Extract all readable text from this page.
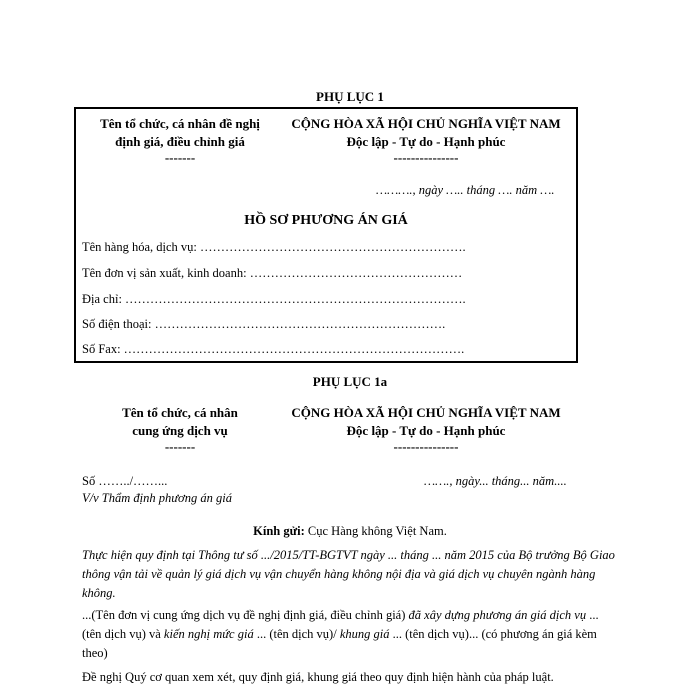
PHỤ LỤC 1
Tên tổ chức, cá nhân đề nghị
định giá, điều chỉnh giá
-------
CỘNG HÒA XÃ HỘI CHỦ NGHĨA VIỆT NAM
Độc lập - Tự do - Hạnh phúc
---------------
………., ngày ….. tháng …. năm ….
HỒ SƠ PHƯƠNG ÁN GIÁ
Tên hàng hóa, dịch vụ: ……………………………………………………….
Tên đơn vị sản xuất, kinh doanh: ……………………………………………
Địa chỉ: ……………………………………………………………………….
Số điện thoại: …………………………………………………………….
Số Fax: ……………………………………………………………………….
PHỤ LỤC 1a
Tên tổ chức, cá nhân
cung ứng dịch vụ
-------
CỘNG HÒA XÃ HỘI CHỦ NGHĨA VIỆT NAM
Độc lập - Tự do - Hạnh phúc
---------------
Số ……../……...	……., ngày... tháng... năm....
V/v Thẩm định phương án giá
Kính gửi: Cục Hàng không Việt Nam.
Thực hiện quy định tại Thông tư số .../2015/TT-BGTVT ngày ... tháng ... năm 2015 của Bộ trưởng Bộ Giao thông vận tải về quản lý giá dịch vụ vận chuyển hàng không nội địa và giá dịch vụ chuyên ngành hàng không.
...(Tên đơn vị cung ứng dịch vụ đề nghị định giá, điều chỉnh giá) đã xây dựng phương án giá dịch vụ ... (tên dịch vụ) và kiến nghị mức giá ... (tên dịch vụ)/ khung giá ... (tên dịch vụ)... (có phương án giá kèm theo)
Đề nghị Quý cơ quan xem xét, quy định giá, khung giá theo quy định hiện hành của pháp luật.
